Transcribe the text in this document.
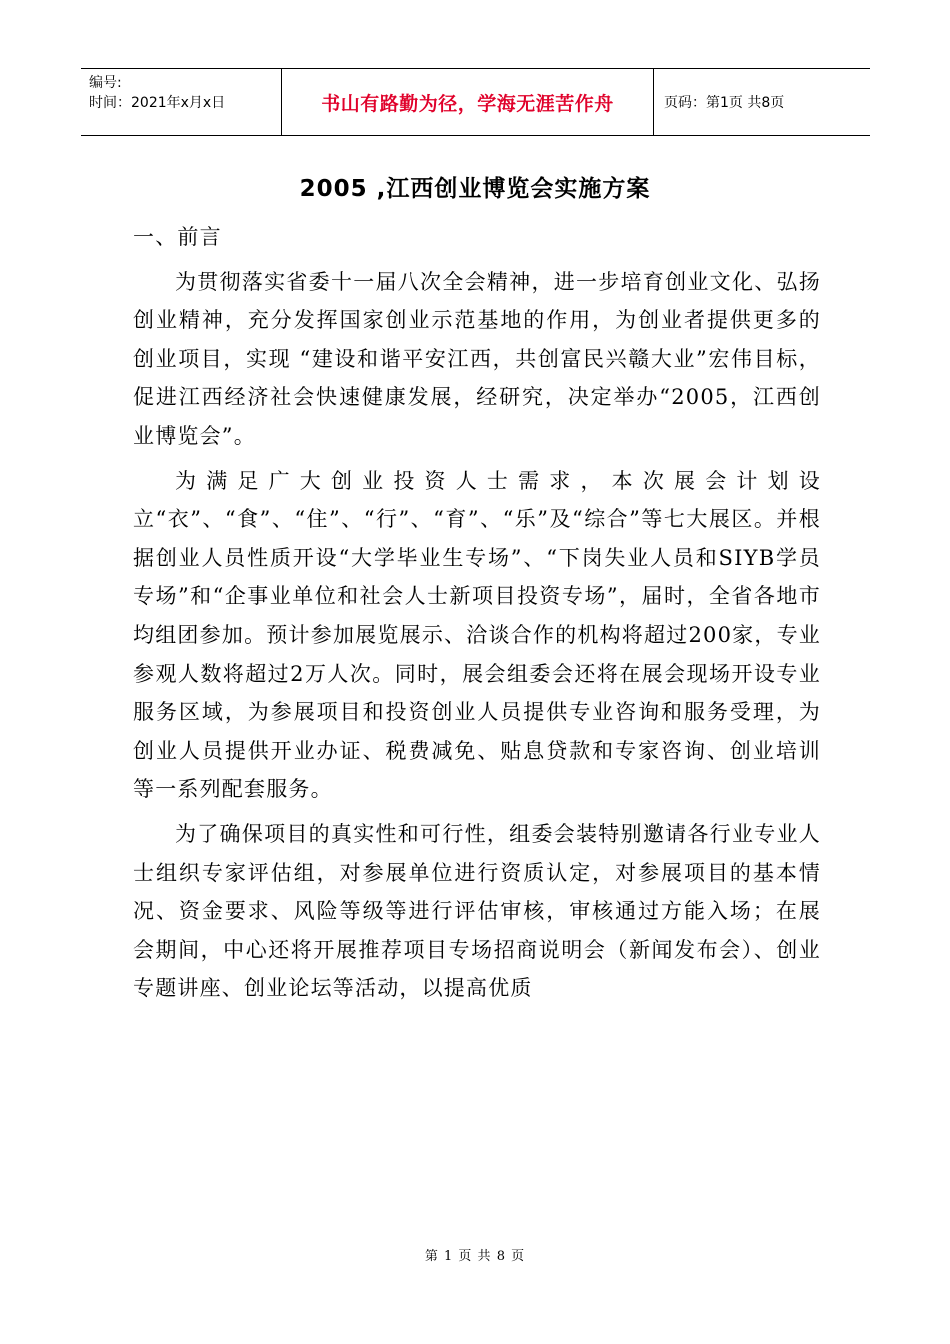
编号:
时间：2021年x月x日	书山有路勤为径，学海无涯苦作舟	页码：第1页 共8页
2005 ,江西创业博览会实施方案
一、前言

为贯彻落实省委十一届八次全会精神，进一步培育创业文化、弘扬创业精神，充分发挥国家创业示范基地的作用，为创业者提供更多的创业项目，实现 “建设和谐平安江西，共创富民兴赣大业”宏伟目标，促进江西经济社会快速健康发展，经研究，决定举办“2005，江西创业博览会”。

为满足广大创业投资人士需求，本次展会计划设立“衣”、“食”、“住”、“行”、“育”、“乐”及“综合”等七大展区。并根据创业人员性质开设“大学毕业生专场”、“下岗失业人员和SIYB学员专场”和“企事业单位和社会人士新项目投资专场”，届时，全省各地市均组团参加。预计参加展览展示、洽谈合作的机构将超过200家，专业参观人数将超过2万人次。同时，展会组委会还将在展会现场开设专业服务区域，为参展项目和投资创业人员提供专业咨询和服务受理，为创业人员提供开业办证、税费减免、贴息贷款和专家咨询、创业培训等一系列配套服务。

为了确保项目的真实性和可行性，组委会装特别邀请各行业专业人士组织专家评估组，对参展单位进行资质认定，对参展项目的基本情况、资金要求、风险等级等进行评估审核，审核通过方能入场；在展会期间，中心还将开展推荐项目专场招商说明会（新闻发布会）、创业专题讲座、创业论坛等活动，以提高优质

第 1 页 共 8 页
